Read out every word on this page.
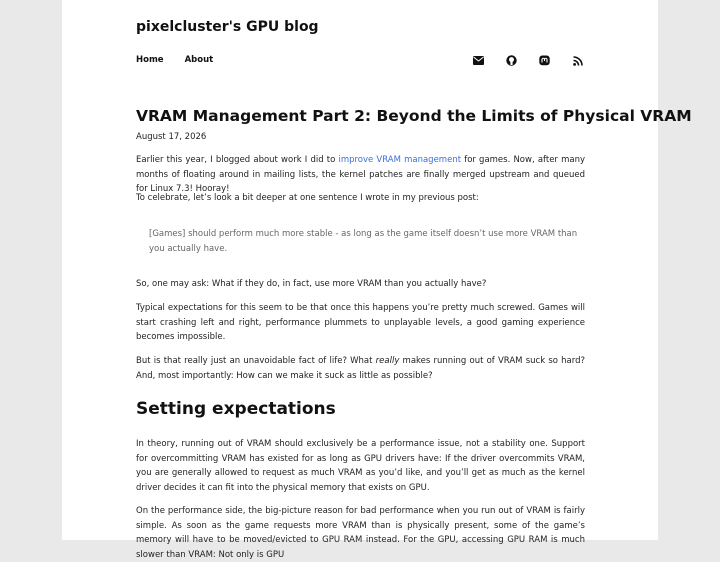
pixelcluster's GPU blog
Home About
VRAM Management Part 2: Beyond the Limits of Physical VRAM
August 17, 2026

Earlier this year, I blogged about work I did to improve VRAM management for games. Now, after many months of floating around in mailing lists, the kernel patches are finally merged upstream and queued for Linux 7.3! Hooray!

To celebrate, let’s look a bit deeper at one sentence I wrote in my previous post:

[Games] should perform much more stable - as long as the game itself doesn’t use more VRAM than you actually have.

So, one may ask: What if they do, in fact, use more VRAM than you actually have?

Typical expectations for this seem to be that once this happens you’re pretty much screwed. Games will start crashing left and right, performance plummets to unplayable levels, a good gaming experience becomes impossible.

But is that really just an unavoidable fact of life? What really makes running out of VRAM suck so hard? And, most importantly: How can we make it suck as little as possible?

Setting expectations

In theory, running out of VRAM should exclusively be a performance issue, not a stability one. Support for overcommitting VRAM has existed for as long as GPU drivers have: If the driver overcommits VRAM, you are generally allowed to request as much VRAM as you’d like, and you’ll get as much as the kernel driver decides it can fit into the physical memory that exists on GPU.

On the performance side, the big-picture reason for bad performance when you run out of VRAM is fairly simple. As soon as the game requests more VRAM than is physically present, some of the game’s memory will have to be moved/evicted to GPU RAM instead. For the GPU, accessing GPU RAM is much slower than VRAM: Not only is GPU
